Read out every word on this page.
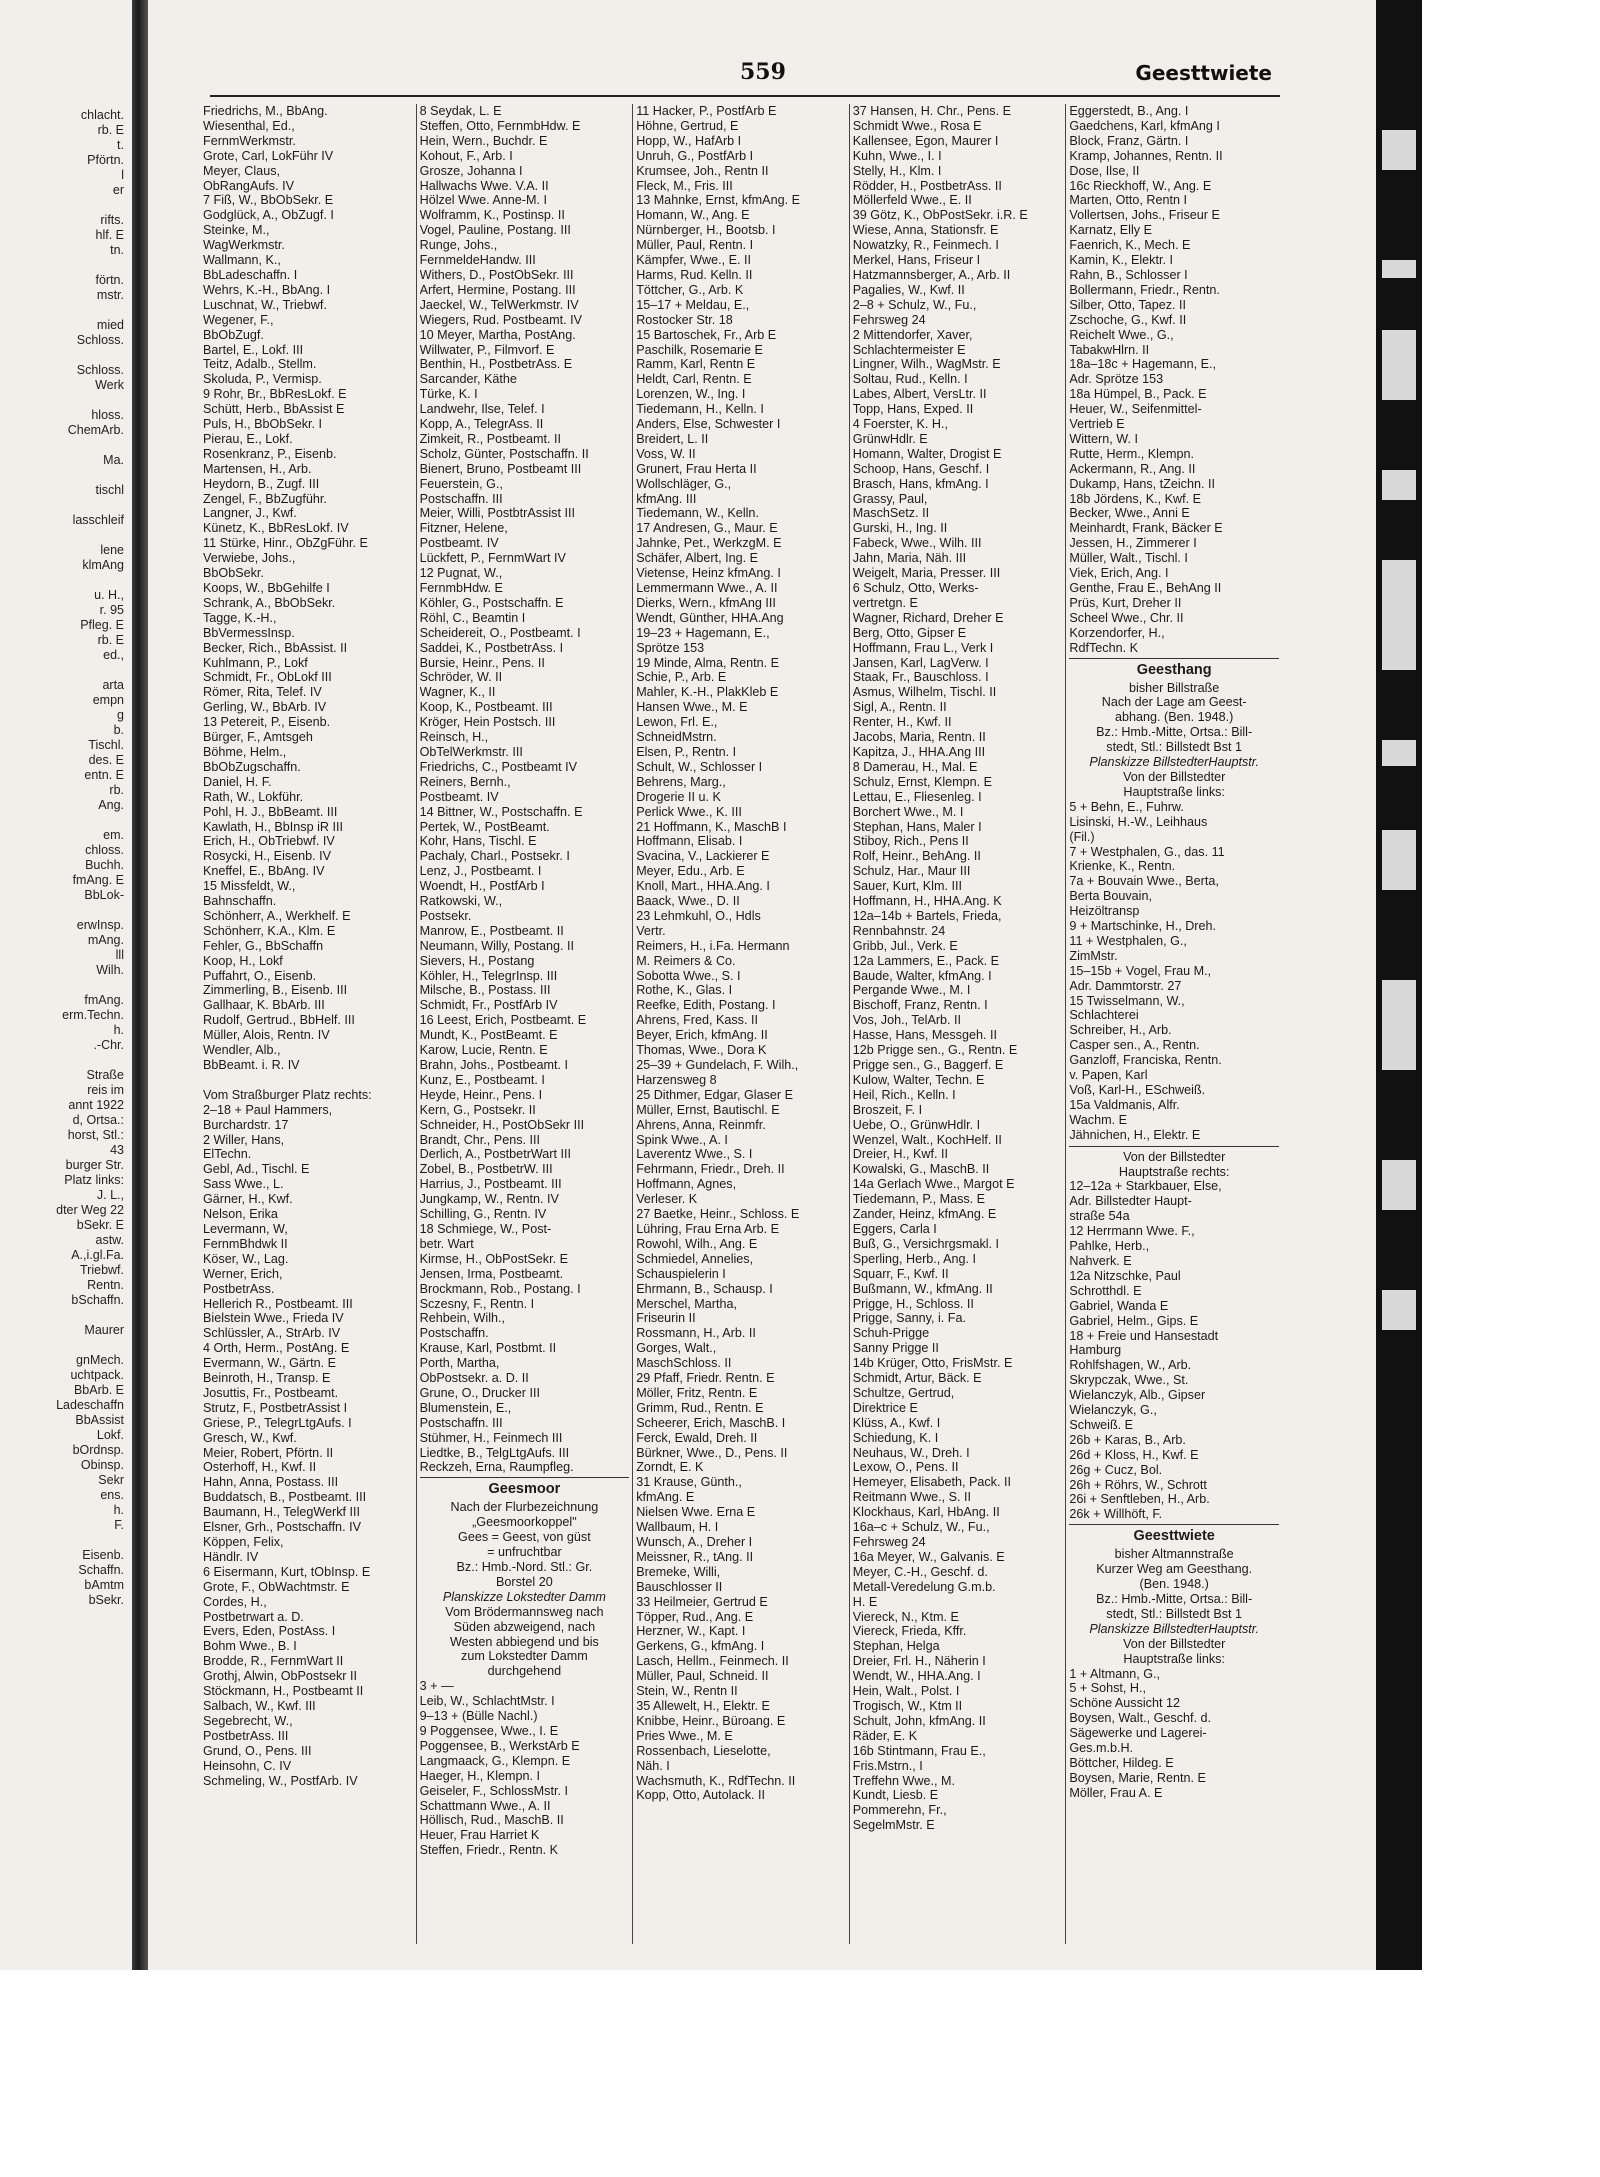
chlacht.
rb. E
t.
Pförtn.
l
er

rifts.
hlf. E
tn.

förtn.
mstr.

mied
Schloss.

Schloss.
Werk

hloss.
ChemArb.

Ma.

tischl

lasschleif

lene
klmAng

u. H.,
r. 95
Pfleg. E
rb. E
ed.,

arta
empn
g
b.
Tischl.
des. E
entn. E
rb.
Ang.

em.
chloss.
Buchh.
fmAng. E
BbLok-

erwInsp.
mAng.
lll
Wilh.

fmAng.
erm.Techn.
h.
.-Chr.

Straße
reis im
annt 1922
d, Ortsa.:
horst, Stl.:
43
burger Str.
Platz links:
J. L.,
dter Weg 22
bSekr. E
astw.
A.,i.gl.Fa.
Triebwf.
Rentn.
bSchaffn.

Maurer

gnMech.
uchtpack.
BbArb. E
Ladeschaffn
BbAssist
Lokf.
bOrdnsp.
Obinsp.
Sekr
ens.
h.
F.

Eisenb.
Schaffn.
bAmtm
bSekr.
559	Geesttwiete
Friedrichs, M., BbAng.
Wiesenthal, Ed.,
FernmWerkmstr.
Grote, Carl, LokFühr IV
Meyer, Claus,
ObRangAufs. IV
7 Fiß, W., BbObSekr. E
Godglück, A., ObZugf. I
Steinke, M.,
WagWerkmstr.
Wallmann, K.,
BbLadeschaffn. I
Wehrs, K.-H., BbAng. I
Luschnat, W., Triebwf.
Wegener, F.,
BbObZugf.
Bartel, E., Lokf. III
Teitz, Adalb., Stellm.
Skoluda, P., Vermisp.
9 Rohr, Br., BbResLokf. E
Schütt, Herb., BbAssist E
Puls, H., BbObSekr. I
Pierau, E., Lokf.
Rosenkranz, P., Eisenb.
Martensen, H., Arb.
Heydorn, B., Zugf. III
Zengel, F., BbZugführ.
Langner, J., Kwf.
Künetz, K., BbResLokf. IV
11 Stürke, Hinr., ObZgFühr. E
Verwiebe, Johs.,
BbObSekr.
Koops, W., BbGehilfe I
Schrank, A., BbObSekr.
Tagge, K.-H.,
BbVermessInsp.
Becker, Rich., BbAssist. II
Kuhlmann, P., Lokf
Schmidt, Fr., ObLokf III
Römer, Rita, Telef. IV
Gerling, W., BbArb. IV
13 Petereit, P., Eisenb.
Bürger, F., Amtsgeh
Böhme, Helm.,
BbObZugschaffn.
Daniel, H. F.
Rath, W., Lokführ.
Pohl, H. J., BbBeamt. III
Kawlath, H., BbInsp iR III
Erich, H., ObTriebwf. IV
Rosycki, H., Eisenb. IV
Kneffel, E., BbAng. IV
15 Missfeldt, W.,
Bahnschaffn.
Schönherr, A., Werkhelf. E
Schönherr, K.A., Klm. E
Fehler, G., BbSchaffn
Koop, H., Lokf
Puffahrt, O., Eisenb.
Zimmerling, B., Eisenb. III
Gallhaar, K. BbArb. III
Rudolf, Gertrud., BbHelf. III
Müller, Alois, Rentn. IV
Wendler, Alb.,
BbBeamt. i. R. IV

Vom Straßburger Platz rechts:
2–18 + Paul Hammers,
Burchardstr. 17
2 Willer, Hans,
ElTechn.
Gebl, Ad., Tischl. E
Sass Wwe., L.
Gärner, H., Kwf.
Nelson, Erika
Levermann, W,
FernmBhdwk II
Köser, W., Lag.
Werner, Erich,
PostbetrAss.
Hellerich R., Postbeamt. III
Bielstein Wwe., Frieda IV
Schlüssler, A., StrArb. IV
4 Orth, Herm., PostAng. E
Evermann, W., Gärtn. E
Beinroth, H., Transp. E
Josuttis, Fr., Postbeamt.
Strutz, F., PostbetrAssist I
Griese, P., TelegrLtgAufs. I
Gresch, W., Kwf.
Meier, Robert, Pförtn. II
Osterhoff, H., Kwf. II
Hahn, Anna, Postass. III
Buddatsch, B., Postbeamt. III
Baumann, H., TelegWerkf III
Elsner, Grh., Postschaffn. IV
Köppen, Felix,
Händlr. IV
6 Eisermann, Kurt, tObInsp. E
Grote, F., ObWachtmstr. E
Cordes, H.,
Postbetrwart a. D.
Evers, Eden, PostAss. I
Bohm Wwe., B. I
Brodde, R., FernmWart II
Grothj, Alwin, ObPostsekr II
Stöckmann, H., Postbeamt II
Salbach, W., Kwf. III
Segebrecht, W.,
PostbetrAss. III
Grund, O., Pens. III
Heinsohn, C. IV
Schmeling, W., PostfArb. IV
8 Seydak, L. E
Steffen, Otto, FernmbHdw. E
Hein, Wern., Buchdr. E
Kohout, F., Arb. I
Grosze, Johanna I
Hallwachs Wwe. V.A. II
Hölzel Wwe. Anne-M. I
Wolframm, K., Postinsp. II
Vogel, Pauline, Postang. III
Runge, Johs.,
FernmeldeHandw. III
Withers, D., PostObSekr. III
Arfert, Hermine, Postang. III
Jaeckel, W., TelWerkmstr. IV
Wiegers, Rud. Postbeamt. IV
10 Meyer, Martha, PostAng.
Willwater, P., Filmvorf. E
Benthin, H., PostbetrAss. E
Sarcander, Käthe
Türke, K. I
Landwehr, Ilse, Telef. I
Kopp, A., TelegrAss. II
Zimkeit, R., Postbeamt. II
Scholz, Günter, Postschaffn. II
Bienert, Bruno, Postbeamt III
Feuerstein, G.,
Postschaffn. III
Meier, Willi, PostbtrAssist III
Fitzner, Helene,
Postbeamt. IV
Lückfett, P., FernmWart IV
12 Pugnat, W.,
FernmbHdw. E
Köhler, G., Postschaffn. E
Röhl, C., Beamtin I
Scheidereit, O., Postbeamt. I
Saddei, K., PostbetrAss. I
Bursie, Heinr., Pens. II
Schröder, W. II
Wagner, K., II
Koop, K., Postbeamt. III
Kröger, Hein Postsch. III
Reinsch, H.,
ObTelWerkmstr. III
Friedrichs, C., Postbeamt IV
Reiners, Bernh.,
Postbeamt. IV
14 Bittner, W., Postschaffn. E
Pertek, W., PostBeamt.
Kohr, Hans, Tischl. E
Pachaly, Charl., Postsekr. I
Lenz, J., Postbeamt. I
Woendt, H., PostfArb I
Ratkowski, W.,
Postsekr.
Manrow, E., Postbeamt. II
Neumann, Willy, Postang. II
Sievers, H., Postang
Köhler, H., TelegrInsp. III
Milsche, B., Postass. III
Schmidt, Fr., PostfArb IV
16 Leest, Erich, Postbeamt. E
Mundt, K., PostBeamt. E
Karow, Lucie, Rentn. E
Brahn, Johs., Postbeamt. I
Kunz, E., Postbeamt. I
Heyde, Heinr., Pens. I
Kern, G., Postsekr. II
Schneider, H., PostObSekr III
Brandt, Chr., Pens. III
Derlich, A., PostbetrWart III
Zobel, B., PostbetrW. III
Harrius, J., Postbeamt. III
Jungkamp, W., Rentn. IV
Schilling, G., Rentn. IV
18 Schmiege, W., Post-
betr. Wart
Kirmse, H., ObPostSekr. E
Jensen, Irma, Postbeamt.
Brockmann, Rob., Postang. I
Sczesny, F., Rentn. I
Rehbein, Wilh.,
Postschaffn.
Krause, Karl, Postbmt. II
Porth, Martha,
ObPostsekr. a. D. II
Grune, O., Drucker III
Blumenstein, E.,
Postschaffn. III
Stühmer, H., Feinmech III
Liedtke, B., TelgLtgAufs. III
Reckzeh, Erna, Raumpfleg.
Geesmoor
Nach der Flurbezeichnung
„Geesmoorkoppel"
Gees = Geest, von güst
= unfruchtbar
Bz.: Hmb.-Nord. Stl.: Gr.
Borstel 20
Planskizze Lokstedter Damm
Vom Brödermannsweg nach
Süden abzweigend, nach
Westen abbiegend und bis
zum Lokstedter Damm
durchgehend
3 + —
Leib, W., SchlachtMstr. I
9–13 + (Bülle Nachl.)
9 Poggensee, Wwe., I. E
Poggensee, B., WerkstArb E
Langmaack, G., Klempn. E
Haeger, H., Klempn. I
Geiseler, F., SchlossMstr. I
Schattmann Wwe., A. II
Höllisch, Rud., MaschB. II
Heuer, Frau Harriet K
Steffen, Friedr., Rentn. K
11 Hacker, P., PostfArb E
Höhne, Gertrud, E
Hopp, W., HafArb I
Unruh, G., PostfArb I
Krumsee, Joh., Rentn II
Fleck, M., Fris. III
13 Mahnke, Ernst, kfmAng. E
Homann, W., Ang. E
Nürnberger, H., Bootsb. I
Müller, Paul, Rentn. I
Kämpfer, Wwe., E. II
Harms, Rud. Kelln. II
Töttcher, G., Arb. K
15–17 + Meldau, E.,
Rostocker Str. 18
15 Bartoschek, Fr., Arb E
Paschilk, Rosemarie E
Ramm, Karl, Rentn E
Heldt, Carl, Rentn. E
Lorenzen, W., Ing. I
Tiedemann, H., Kelln. I
Anders, Else, Schwester I
Breidert, L. II
Voss, W. II
Grunert, Frau Herta II
Wollschläger, G.,
kfmAng. III
Tiedemann, W., Kelln.
17 Andresen, G., Maur. E
Jahnke, Pet., WerkzgM. E
Schäfer, Albert, Ing. E
Vietense, Heinz kfmAng. I
Lemmermann Wwe., A. II
Dierks, Wern., kfmAng III
Wendt, Günther, HHA.Ang
19–23 + Hagemann, E.,
Sprötze 153
19 Minde, Alma, Rentn. E
Schie, P., Arb. E
Mahler, K.-H., PlakKleb E
Hansen Wwe., M. E
Lewon, Frl. E.,
SchneidMstrn.
Elsen, P., Rentn. I
Schult, W., Schlosser I
Behrens, Marg.,
Drogerie II u. K
Perlick Wwe., K. III
21 Hoffmann, K., MaschB I
Hoffmann, Elisab. I
Svacina, V., Lackierer E
Meyer, Edu., Arb. E
Knoll, Mart., HHA.Ang. I
Baack, Wwe., D. II
23 Lehmkuhl, O., Hdls
Vertr.
Reimers, H., i.Fa. Hermann
M. Reimers & Co.
Sobotta Wwe., S. I
Rothe, K., Glas. I
Reefke, Edith, Postang. I
Ahrens, Fred, Kass. II
Beyer, Erich, kfmAng. II
Thomas, Wwe., Dora K
25–39 + Gundelach, F. Wilh.,
Harzensweg 8
25 Dithmer, Edgar, Glaser E
Müller, Ernst, Bautischl. E
Ahrens, Anna, Reinmfr.
Spink Wwe., A. I
Laverentz Wwe., S. I
Fehrmann, Friedr., Dreh. II
Hoffmann, Agnes,
Verleser. K
27 Baetke, Heinr., Schloss. E
Lühring, Frau Erna Arb. E
Rowohl, Wilh., Ang. E
Schmiedel, Annelies,
Schauspielerin I
Ehrmann, B., Schausp. I
Merschel, Martha,
Friseurin II
Rossmann, H., Arb. II
Gorges, Walt.,
MaschSchloss. II
29 Pfaff, Friedr. Rentn. E
Möller, Fritz, Rentn. E
Grimm, Rud., Rentn. E
Scheerer, Erich, MaschB. I
Ferck, Ewald, Dreh. II
Bürkner, Wwe., D., Pens. II
Zorndt, E. K
31 Krause, Günth.,
kfmAng. E
Nielsen Wwe. Erna E
Wallbaum, H. I
Wunsch, A., Dreher I
Meissner, R., tAng. II
Bremeke, Willi,
Bauschlosser II
33 Heilmeier, Gertrud E
Töpper, Rud., Ang. E
Herzner, W., Kapt. I
Gerkens, G., kfmAng. I
Lasch, Hellm., Feinmech. II
Müller, Paul, Schneid. II
Stein, W., Rentn II
35 Allewelt, H., Elektr. E
Knibbe, Heinr., Büroang. E
Pries Wwe., M. E
Rossenbach, Lieselotte,
Näh. I
Wachsmuth, K., RdfTechn. II
Kopp, Otto, Autolack. II
37 Hansen, H. Chr., Pens. E
Schmidt Wwe., Rosa E
Kallensee, Egon, Maurer I
Kuhn, Wwe., I. I
Stelly, H., Klm. I
Rödder, H., PostbetrAss. II
Möllerfeld Wwe., E. II
39 Götz, K., ObPostSekr. i.R. E
Wiese, Anna, Stationsfr. E
Nowatzky, R., Feinmech. I
Merkel, Hans, Friseur I
Hatzmannsberger, A., Arb. II
Pagalies, W., Kwf. II
2–8 + Schulz, W., Fu.,
Fehrsweg 24
2 Mittendorfer, Xaver,
Schlachtermeister E
Lingner, Wilh., WagMstr. E
Soltau, Rud., Kelln. I
Labes, Albert, VersLtr. II
Topp, Hans, Exped. II
4 Foerster, K. H.,
GrünwHdlr. E
Homann, Walter, Drogist E
Schoop, Hans, Geschf. I
Brasch, Hans, kfmAng. I
Grassy, Paul,
MaschSetz. II
Gurski, H., Ing. II
Fabeck, Wwe., Wilh. III
Jahn, Maria, Näh. III
Weigelt, Maria, Presser. III
6 Schulz, Otto, Werks-
vertretgn. E
Wagner, Richard, Dreher E
Berg, Otto, Gipser E
Hoffmann, Frau L., Verk I
Jansen, Karl, LagVerw. I
Staak, Fr., Bauschloss. I
Asmus, Wilhelm, Tischl. II
Sigl, A., Rentn. II
Renter, H., Kwf. II
Jacobs, Maria, Rentn. II
Kapitza, J., HHA.Ang III
8 Damerau, H., Mal. E
Schulz, Ernst, Klempn. E
Lettau, E., Fliesenleg. I
Borchert Wwe., M. I
Stephan, Hans, Maler I
Stiboy, Rich., Pens II
Rolf, Heinr., BehAng. II
Schulz, Har., Maur III
Sauer, Kurt, Klm. III
Hoffmann, H., HHA.Ang. K
12a–14b + Bartels, Frieda,
Rennbahnstr. 24
Gribb, Jul., Verk. E
12a Lammers, E., Pack. E
Baude, Walter, kfmAng. I
Pergande Wwe., M. I
Bischoff, Franz, Rentn. I
Vos, Joh., TelArb. II
Hasse, Hans, Messgeh. II
12b Prigge sen., G., Rentn. E
Prigge sen., G., Baggerf. E
Kulow, Walter, Techn. E
Heil, Rich., Kelln. I
Broszeit, F. I
Uebe, O., GrünwHdlr. I
Wenzel, Walt., KochHelf. II
Dreier, H., Kwf. II
Kowalski, G., MaschB. II
14a Gerlach Wwe., Margot E
Tiedemann, P., Mass. E
Zander, Heinz, kfmAng. E
Eggers, Carla I
Buß, G., Versichrgsmakl. I
Sperling, Herb., Ang. I
Squarr, F., Kwf. II
Bußmann, W., kfmAng. II
Prigge, H., Schloss. II
Prigge, Sanny, i. Fa.
Schuh-Prigge
Sanny Prigge II
14b Krüger, Otto, FrisMstr. E
Schmidt, Artur, Bäck. E
Schultze, Gertrud,
Direktrice E
Klüss, A., Kwf. I
Schiedung, K. I
Neuhaus, W., Dreh. I
Lexow, O., Pens. II
Hemeyer, Elisabeth, Pack. II
Reitmann Wwe., S. II
Klockhaus, Karl, HbAng. II
16a–c + Schulz, W., Fu.,
Fehrsweg 24
16a Meyer, W., Galvanis. E
Meyer, C.-H., Geschf. d.
Metall-Veredelung G.m.b.
H. E
Viereck, N., Ktm. E
Viereck, Frieda, Kffr.
Stephan, Helga
Dreier, Frl. H., Näherin I
Wendt, W., HHA.Ang. I
Hein, Walt., Polst. I
Trogisch, W., Ktm II
Schult, John, kfmAng. II
Räder, E. K
16b Stintmann, Frau E.,
Fris.Mstrn., I
Treffehn Wwe., M.
Kundt, Liesb. E
Pommerehn, Fr.,
SegelmMstr. E
Eggerstedt, B., Ang. I
Gaedchens, Karl, kfmAng I
Block, Franz, Gärtn. I
Kramp, Johannes, Rentn. II
Dose, Ilse, II
16c Rieckhoff, W., Ang. E
Marten, Otto, Rentn I
Vollertsen, Johs., Friseur E
Karnatz, Elly E
Faenrich, K., Mech. E
Kamin, K., Elektr. I
Rahn, B., Schlosser I
Bollermann, Friedr., Rentn.
Silber, Otto, Tapez. II
Zschoche, G., Kwf. II
Reichelt Wwe., G.,
TabakwHlrn. II
18a–18c + Hagemann, E.,
Adr. Sprötze 153
18a Hümpel, B., Pack. E
Heuer, W., Seifenmittel-
Vertrieb E
Wittern, W. I
Rutte, Herm., Klempn.
Ackermann, R., Ang. II
Dukamp, Hans, tZeichn. II
18b Jördens, K., Kwf. E
Becker, Wwe., Anni E
Meinhardt, Frank, Bäcker E
Jessen, H., Zimmerer I
Müller, Walt., Tischl. I
Viek, Erich, Ang. I
Genthe, Frau E., BehAng II
Prüs, Kurt, Dreher II
Scheel Wwe., Chr. II
Korzendorfer, H.,
RdfTechn. K
Geesthang
bisher Billstraße
Nach der Lage am Geest-
abhang. (Ben. 1948.)
Bz.: Hmb.-Mitte, Ortsa.: Bill-
stedt, Stl.: Billstedt Bst 1
Planskizze BillstedterHauptstr.
Von der Billstedter
Hauptstraße links:
5 + Behn, E., Fuhrw.
Lisinski, H.-W., Leihhaus
(Fil.)
7 + Westphalen, G., das. 11
Krienke, K., Rentn.
7a + Bouvain Wwe., Berta,
Berta Bouvain,
Heizöltransp
9 + Martschinke, H., Dreh.
11 + Westphalen, G.,
ZimMstr.
15–15b + Vogel, Frau M.,
Adr. Dammtorstr. 27
15 Twisselmann, W.,
Schlachterei
Schreiber, H., Arb.
Casper sen., A., Rentn.
Ganzloff, Franciska, Rentn.
v. Papen, Karl
Voß, Karl-H., ESchweiß.
15a Valdmanis, Alfr.
Wachm. E
Jähnichen, H., Elektr. E
Von der Billstedter
Hauptstraße rechts:
12–12a + Starkbauer, Else,
Adr. Billstedter Haupt-
straße 54a
12 Herrmann Wwe. F.,
Pahlke, Herb.,
Nahverk. E
12a Nitzschke, Paul
Schrotthdl. E
Gabriel, Wanda E
Gabriel, Helm., Gips. E
18 + Freie und Hansestadt
Hamburg
Rohlfshagen, W., Arb.
Skrypczak, Wwe., St.
Wielanczyk, Alb., Gipser
Wielanczyk, G.,
Schweiß. E
26b + Karas, B., Arb.
26d + Kloss, H., Kwf. E
26g + Cucz, Bol.
26h + Röhrs, W., Schrott
26i + Senftleben, H., Arb.
26k + Willhöft, F.
Geesttwiete
bisher Altmannstraße
Kurzer Weg am Geesthang.
(Ben. 1948.)
Bz.: Hmb.-Mitte, Ortsa.: Bill-
stedt, Stl.: Billstedt Bst 1
Planskizze BillstedterHauptstr.
Von der Billstedter
Hauptstraße links:
1 + Altmann, G.,
5 + Sohst, H.,
Schöne Aussicht 12
Boysen, Walt., Geschf. d.
Sägewerke und Lagerei-
Ges.m.b.H.
Böttcher, Hildeg. E
Boysen, Marie, Rentn. E
Möller, Frau A. E
